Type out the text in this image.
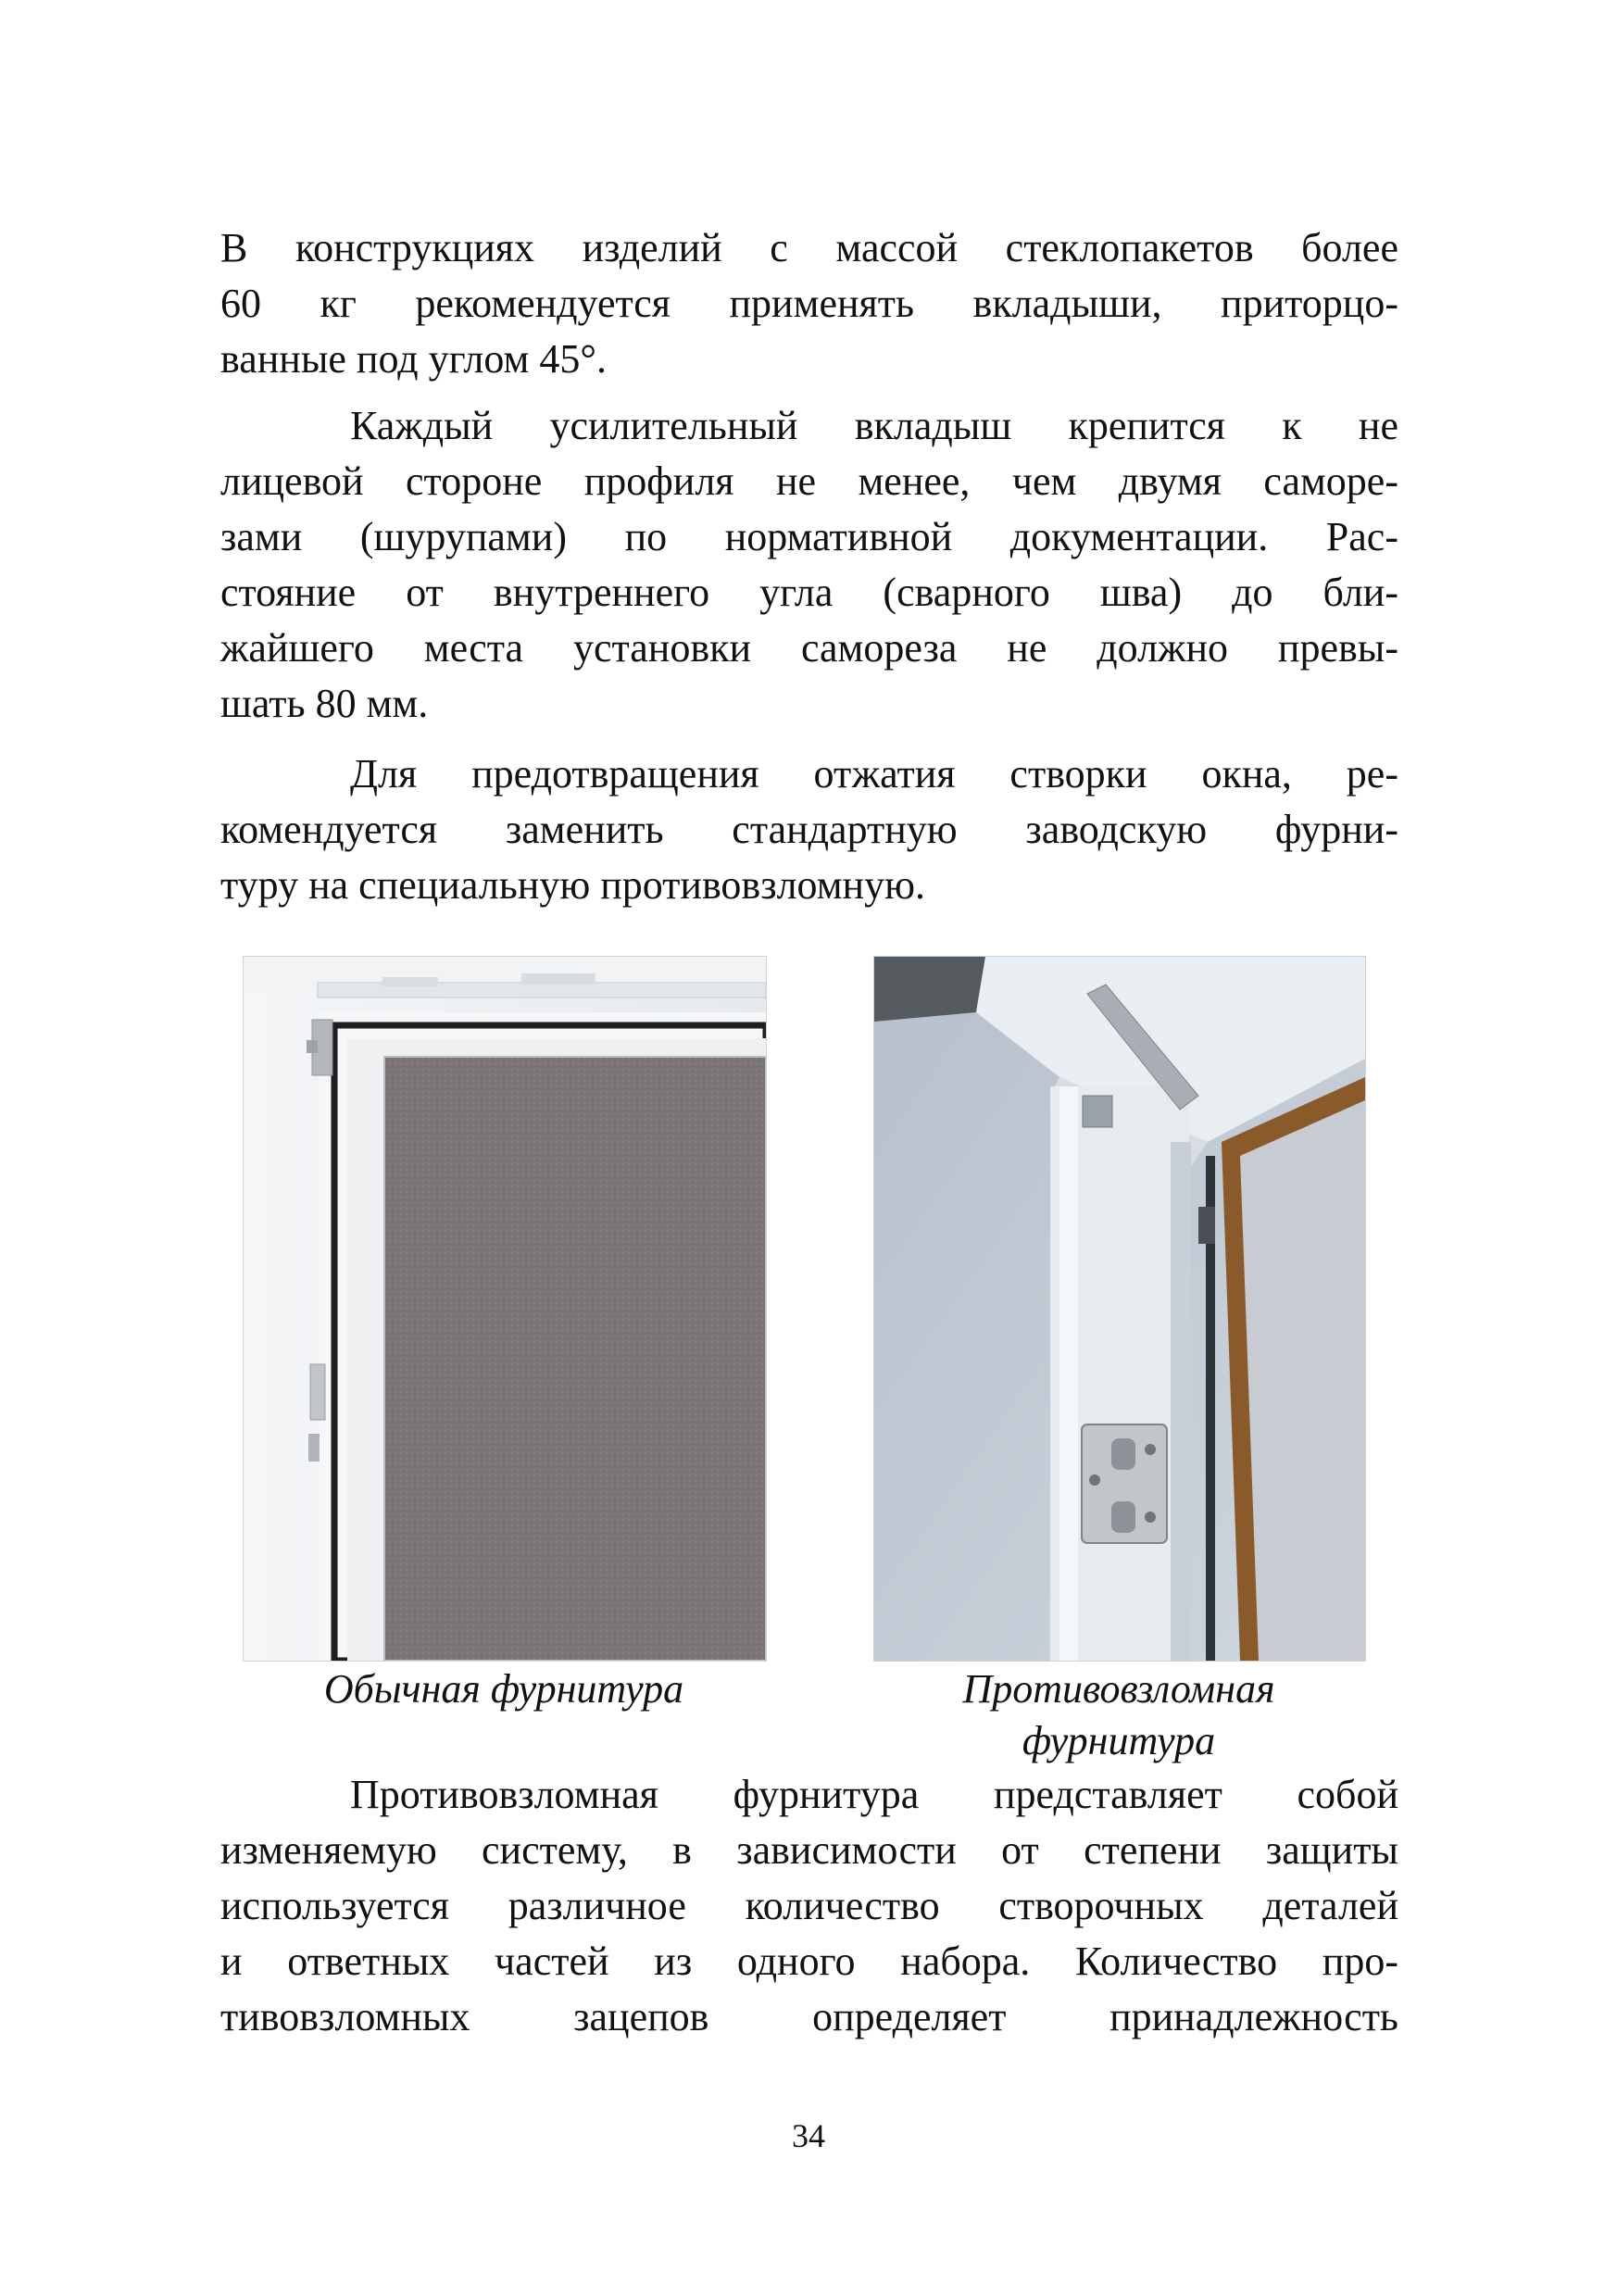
В конструкциях изделий с массой стеклопакетов более
60 кг рекомендуется применять вкладыши, приторцо-
ванные под углом 45°.
Каждый усилительный вкладыш крепится к не
лицевой стороне профиля не менее, чем двумя саморе-
зами (шурупами) по нормативной документации. Рас-
стояние от внутреннего угла (сварного шва) до бли-
жайшего места установки самореза не должно превы-
шать 80 мм.
Для предотвращения отжатия створки окна, ре-
комендуется заменить стандартную заводскую фурни-
туру на специальную противовзломную.
Обычная фурнитура	Противовзломная
фурнитура
Противовзломная фурнитура представляет собой
изменяемую систему, в зависимости от степени защиты
используется различное количество створочных деталей
и ответных частей из одного набора. Количество про-
тивовзломных зацепов определяет принадлежность
34
